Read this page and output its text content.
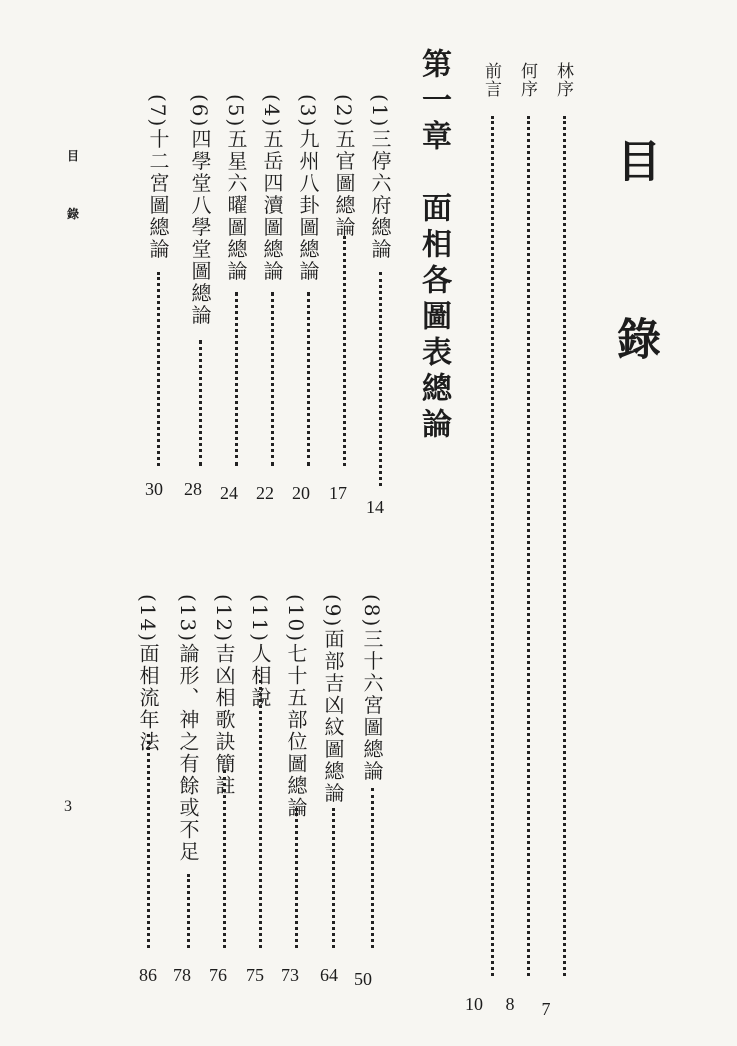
目
錄
林序
7
何序
8
前言
10
第一章　面相各圖表總論
(1)三停六府總論
14
(2)五官圖總論
17
(3)九州八卦圖總論
20
(4)五岳四瀆圖總論
22
(5)五星六曜圖總論
24
(6)四學堂八學堂圖總論
28
(7)十二宮圖總論
30
(8)三十六宮圖總論
50
(9)面部吉凶紋圖總論
64
(10)七十五部位圖總論
73
(11)人相說
75
(12)吉凶相歌訣簡註
76
(13)論形、神之有餘或不足
78
(14)面相流年法
86
目
錄
3
